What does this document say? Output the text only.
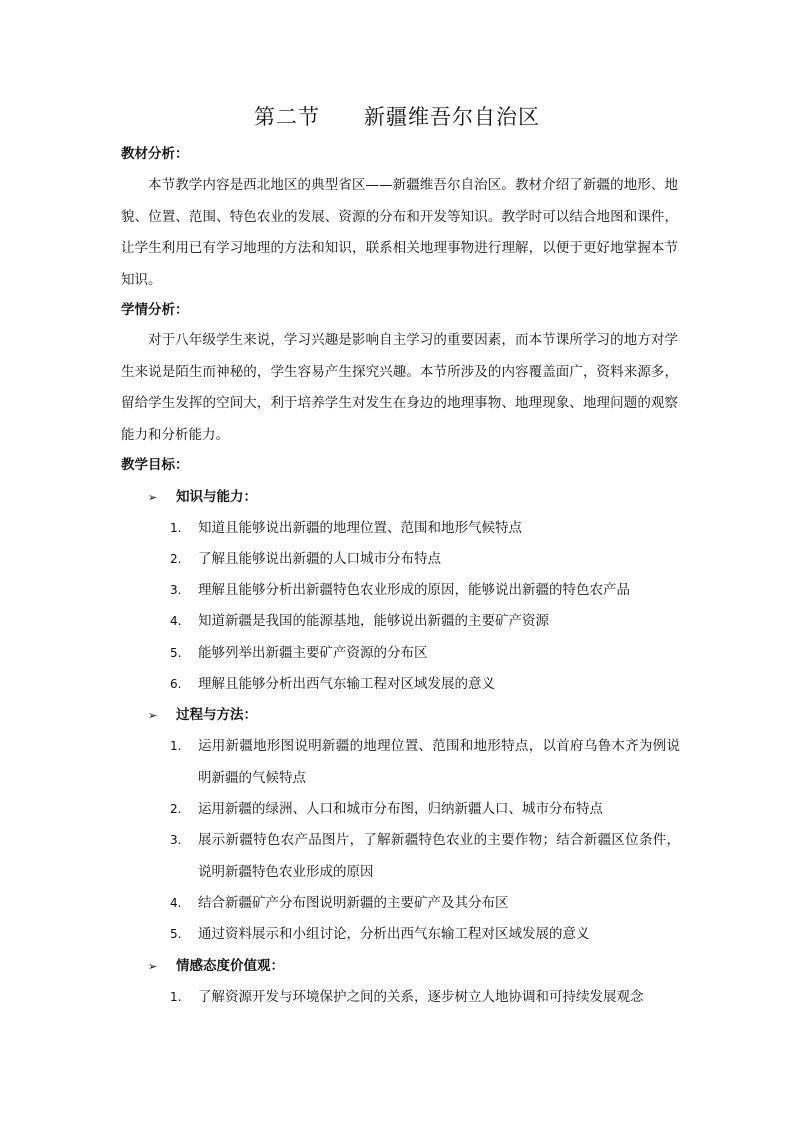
第二节 新疆维吾尔自治区
教材分析：
本节教学内容是西北地区的典型省区——新疆维吾尔自治区。教材介绍了新疆的地形、地貌、位置、范围、特色农业的发展、资源的分布和开发等知识。教学时可以结合地图和课件，让学生利用已有学习地理的方法和知识，联系相关地理事物进行理解，以便于更好地掌握本节知识。
学情分析：
对于八年级学生来说，学习兴趣是影响自主学习的重要因素，而本节课所学习的地方对学生来说是陌生而神秘的，学生容易产生探究兴趣。本节所涉及的内容覆盖面广，资料来源多，留给学生发挥的空间大，利于培养学生对发生在身边的地理事物、地理现象、地理问题的观察能力和分析能力。
教学目标：
➢ 知识与能力：
1.	知道且能够说出新疆的地理位置、范围和地形气候特点
2.	了解且能够说出新疆的人口城市分布特点
3.	理解且能够分析出新疆特色农业形成的原因，能够说出新疆的特色农产品
4.	知道新疆是我国的能源基地，能够说出新疆的主要矿产资源
5.	能够列举出新疆主要矿产资源的分布区
6.	理解且能够分析出西气东输工程对区域发展的意义
➢ 过程与方法：
1.	运用新疆地形图说明新疆的地理位置、范围和地形特点，以首府乌鲁木齐为例说明新疆的气候特点
2.	运用新疆的绿洲、人口和城市分布图，归纳新疆人口、城市分布特点
3.	展示新疆特色农产品图片，了解新疆特色农业的主要作物；结合新疆区位条件，说明新疆特色农业形成的原因
4.	结合新疆矿产分布图说明新疆的主要矿产及其分布区
5.	通过资料展示和小组讨论，分析出西气东输工程对区域发展的意义
➢ 情感态度价值观：
1.	了解资源开发与环境保护之间的关系，逐步树立人地协调和可持续发展观念
